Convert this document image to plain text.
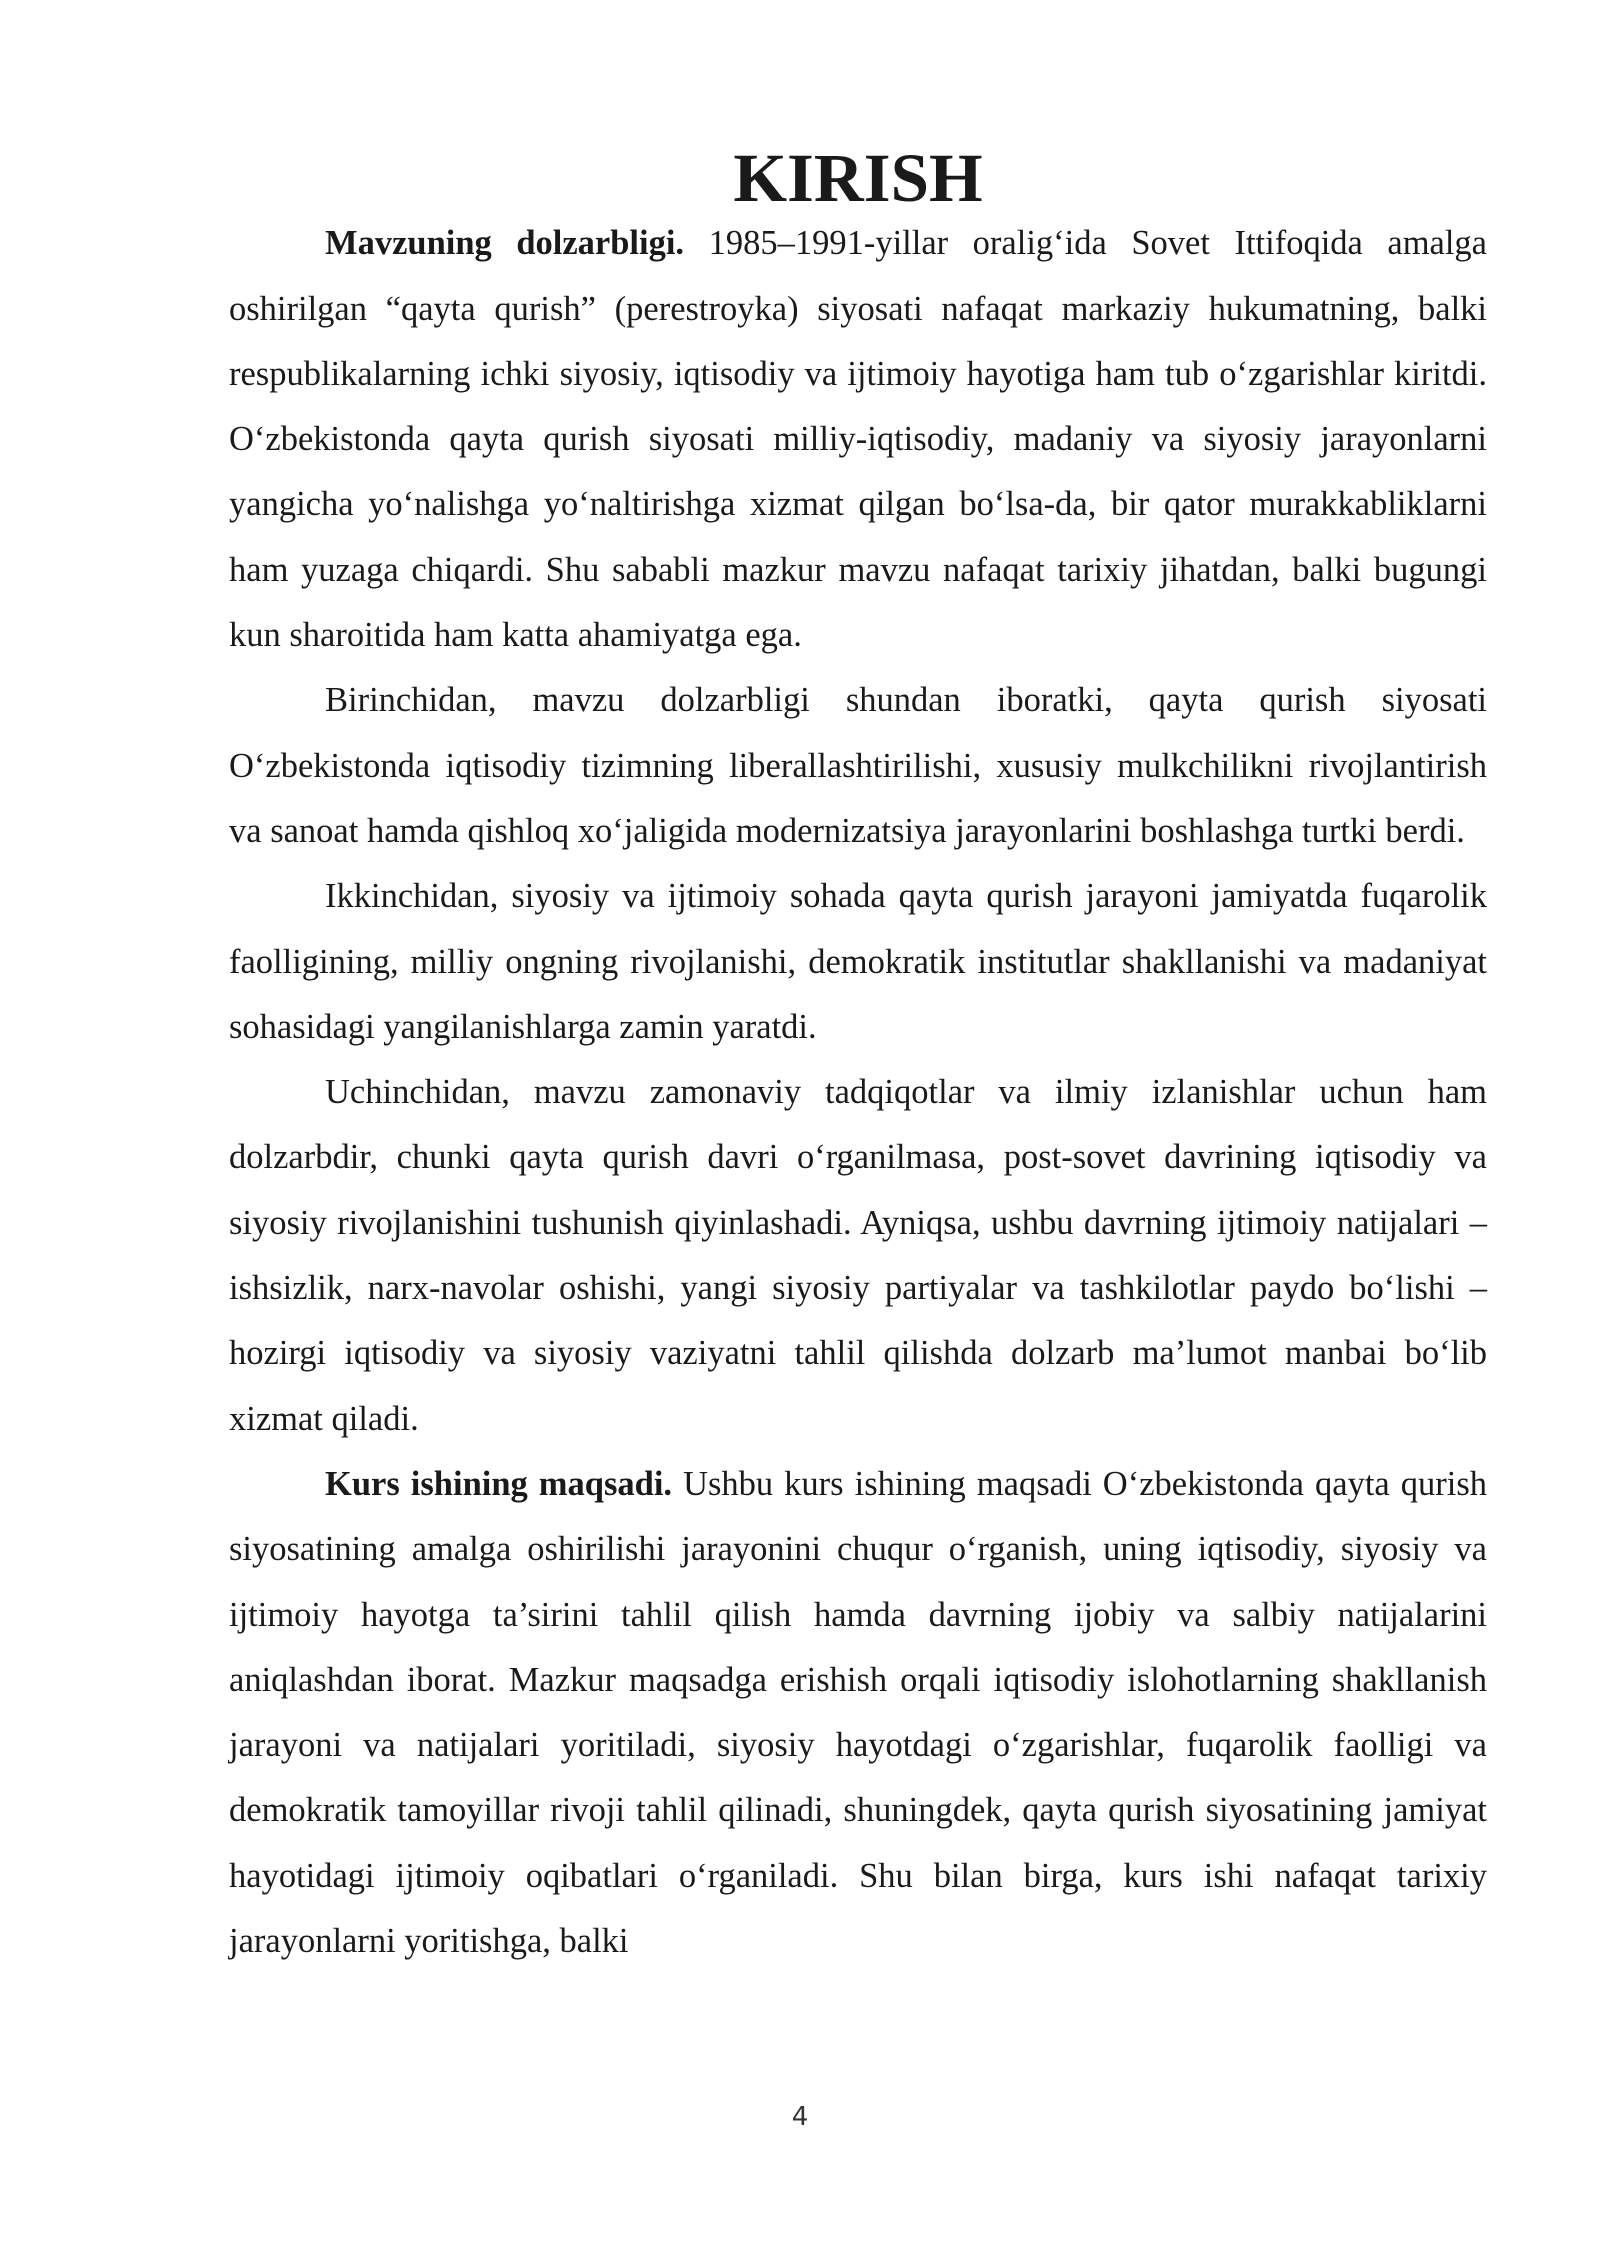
KIRISH

Mavzuning dolzarbligi. 1985–1991-yillar oralig‘ida Sovet Ittifoqida amalga oshirilgan “qayta qurish” (perestroyka) siyosati nafaqat markaziy hukumatning, balki respublikalarning ichki siyosiy, iqtisodiy va ijtimoiy hayotiga ham tub o‘zgarishlar kiritdi. O‘zbekistonda qayta qurish siyosati milliy-iqtisodiy, madaniy va siyosiy jarayonlarni yangicha yo‘nalishga yo‘naltirishga xizmat qilgan bo‘lsa-da, bir qator murakkabliklarni ham yuzaga chiqardi. Shu sababli mazkur mavzu nafaqat tarixiy jihatdan, balki bugungi kun sharoitida ham katta ahamiyatga ega.

Birinchidan, mavzu dolzarbligi shundan iboratki, qayta qurish siyosati O‘zbekistonda iqtisodiy tizimning liberallashtirilishi, xususiy mulkchilikni rivojlantirish va sanoat hamda qishloq xo‘jaligida modernizatsiya jarayonlarini boshlashga turtki berdi.

Ikkinchidan, siyosiy va ijtimoiy sohada qayta qurish jarayoni jamiyatda fuqarolik faolligining, milliy ongning rivojlanishi, demokratik institutlar shakllanishi va madaniyat sohasidagi yangilanishlarga zamin yaratdi.

Uchinchidan, mavzu zamonaviy tadqiqotlar va ilmiy izlanishlar uchun ham dolzarbdir, chunki qayta qurish davri o‘rganilmasa, post-sovet davrining iqtisodiy va siyosiy rivojlanishini tushunish qiyinlashadi. Ayniqsa, ushbu davrning ijtimoiy natijalari – ishsizlik, narx-navolar oshishi, yangi siyosiy partiyalar va tashkilotlar paydo bo‘lishi – hozirgi iqtisodiy va siyosiy vaziyatni tahlil qilishda dolzarb ma’lumot manbai bo‘lib xizmat qiladi.

Kurs ishining maqsadi. Ushbu kurs ishining maqsadi O‘zbekistonda qayta qurish siyosatining amalga oshirilishi jarayonini chuqur o‘rganish, uning iqtisodiy, siyosiy va ijtimoiy hayotga ta’sirini tahlil qilish hamda davrning ijobiy va salbiy natijalarini aniqlashdan iborat. Mazkur maqsadga erishish orqali iqtisodiy islohotlarning shakllanish jarayoni va natijalari yoritiladi, siyosiy hayotdagi o‘zgarishlar, fuqarolik faolligi va demokratik tamoyillar rivoji tahlil qilinadi, shuningdek, qayta qurish siyosatining jamiyat hayotidagi ijtimoiy oqibatlari o‘rganiladi. Shu bilan birga, kurs ishi nafaqat tarixiy jarayonlarni yoritishga, balki

4
